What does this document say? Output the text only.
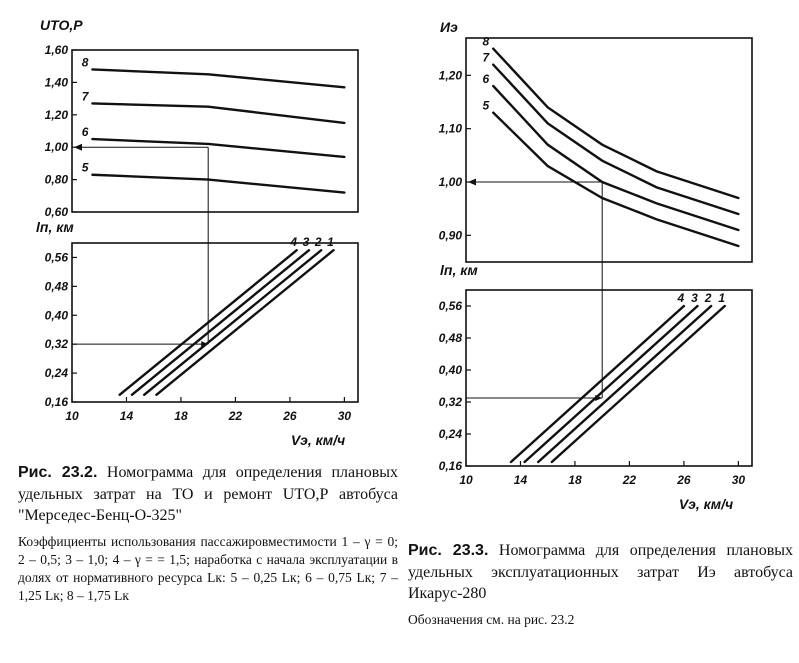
1,60
1,40
1,20
1,00
0,80
0,60
0,56
0,48
0,40
0,32
0,24
0,16
10	14	18	22	26	30
Vэ, км/ч
UТО,Р
lп, км
8
7
6
5
4 3 2 1
1,20
1,10
1,00
0,90
0,56
0,48
0,40
0,32
0,24
0,16
10	14	18	22	26	30
Vэ, км/ч
Иэ
lп, км
8
7
6
5
4 3 2 1

Рис. 23.2. Номограмма для определения плановых удельных затрат на ТО и ремонт UТО,Р автобуса "Мерседес-Бенц-О-325"

Коэффициенты использования пассажировместимости 1 – γ = 0; 2 – 0,5; 3 – 1,0; 4 – γ = = 1,5; наработка с начала эксплуатации в долях от нормативного ресурса Lк: 5 – 0,25 Lк; 6 – 0,75 Lк; 7 – 1,25 Lк; 8 – 1,75 Lк

Рис. 23.3. Номограмма для определения плановых удельных эксплуатационных затрат Иэ автобуса Икарус-280

Обозначения см. на рис. 23.2
